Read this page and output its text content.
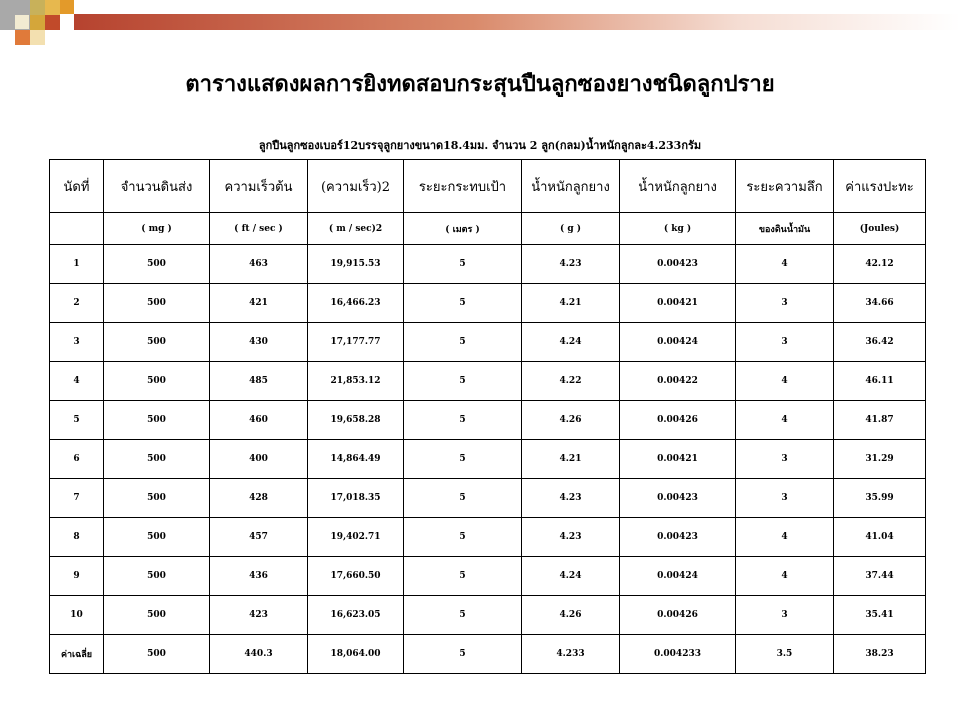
ตารางแสดงผลการยิงทดสอบกระสุนปืนลูกซองยางชนิดลูกปราย
ลูกปืนลูกซองเบอร์12บรรจุลูกยางขนาด18.4มม. จำนวน 2 ลูก(กลม)น้ำหนักลูกละ4.233กรัม
นัดที่	จำนวนดินส่ง	ความเร็วต้น	(ความเร็ว)2	ระยะกระทบเป้า	น้ำหนักลูกยาง	น้ำหนักลูกยาง	ระยะความลึก	ค่าแรงปะทะ
	( mg )	( ft / sec )	( m / sec)2	( เมตร )	( g )	( kg )	ของดินน้ำมัน	(Joules)
1	500	463	19,915.53	5	4.23	0.00423	4	42.12
2	500	421	16,466.23	5	4.21	0.00421	3	34.66
3	500	430	17,177.77	5	4.24	0.00424	3	36.42
4	500	485	21,853.12	5	4.22	0.00422	4	46.11
5	500	460	19,658.28	5	4.26	0.00426	4	41.87
6	500	400	14,864.49	5	4.21	0.00421	3	31.29
7	500	428	17,018.35	5	4.23	0.00423	3	35.99
8	500	457	19,402.71	5	4.23	0.00423	4	41.04
9	500	436	17,660.50	5	4.24	0.00424	4	37.44
10	500	423	16,623.05	5	4.26	0.00426	3	35.41
ค่าเฉลี่ย	500	440.3	18,064.00	5	4.233	0.004233	3.5	38.23
